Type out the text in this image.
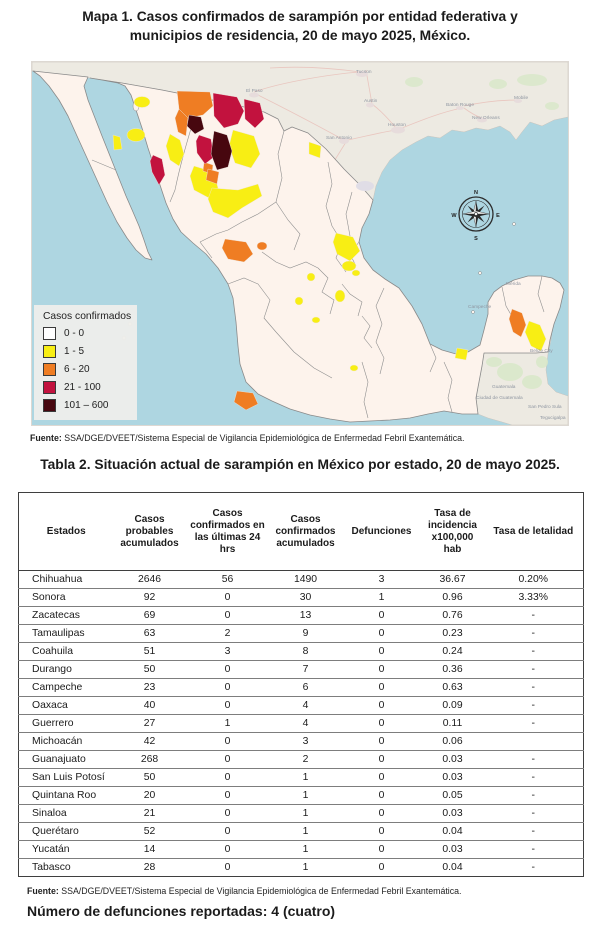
Mapa 1. Casos confirmados de sarampión por entidad federativa y municipios de residencia, 20 de mayo 2025, México.
Tucson
El Paso
Austin
Houston
San Antonio
Baton Rouge
New Orleans
Mobile
Mérida
Campeche
Belize City
Guatemala
Ciudad de Guatemala
San Pedro Sula
Tegucigalpa
N
S
E
W
Casos confirmados
0 - 0
1 - 5
6 - 20
21 - 100
101 – 600

Fuente: SSA/DGE/DVEET/Sistema Especial de Vigilancia Epidemiológica de Enfermedad Febril Exantemática.

Tabla 2. Situación actual de sarampión en México por estado, 20 de mayo 2025.
Estados	Casos probables acumulados	Casos confirmados en las últimas 24 hrs	Casos confirmados acumulados	Defunciones	Tasa de incidencia x100,000 hab	Tasa de letalidad
Chihuahua	2646	56	1490	3	36.67	0.20%
Sonora	92	0	30	1	0.96	3.33%
Zacatecas	69	0	13	0	0.76	-
Tamaulipas	63	2	9	0	0.23	-
Coahuila	51	3	8	0	0.24	-
Durango	50	0	7	0	0.36	-
Campeche	23	0	6	0	0.63	-
Oaxaca	40	0	4	0	0.09	-
Guerrero	27	1	4	0	0.11	-
Michoacán	42	0	3	0	0.06	
Guanajuato	268	0	2	0	0.03	-
San Luis Potosí	50	0	1	0	0.03	-
Quintana Roo	20	0	1	0	0.05	-
Sinaloa	21	0	1	0	0.03	-
Querétaro	52	0	1	0	0.04	-
Yucatán	14	0	1	0	0.03	-
Tabasco	28	0	1	0	0.04	-

Fuente: SSA/DGE/DVEET/Sistema Especial de Vigilancia Epidemiológica de Enfermedad Febril Exantemática.

Número de defunciones reportadas: 4 (cuatro)
